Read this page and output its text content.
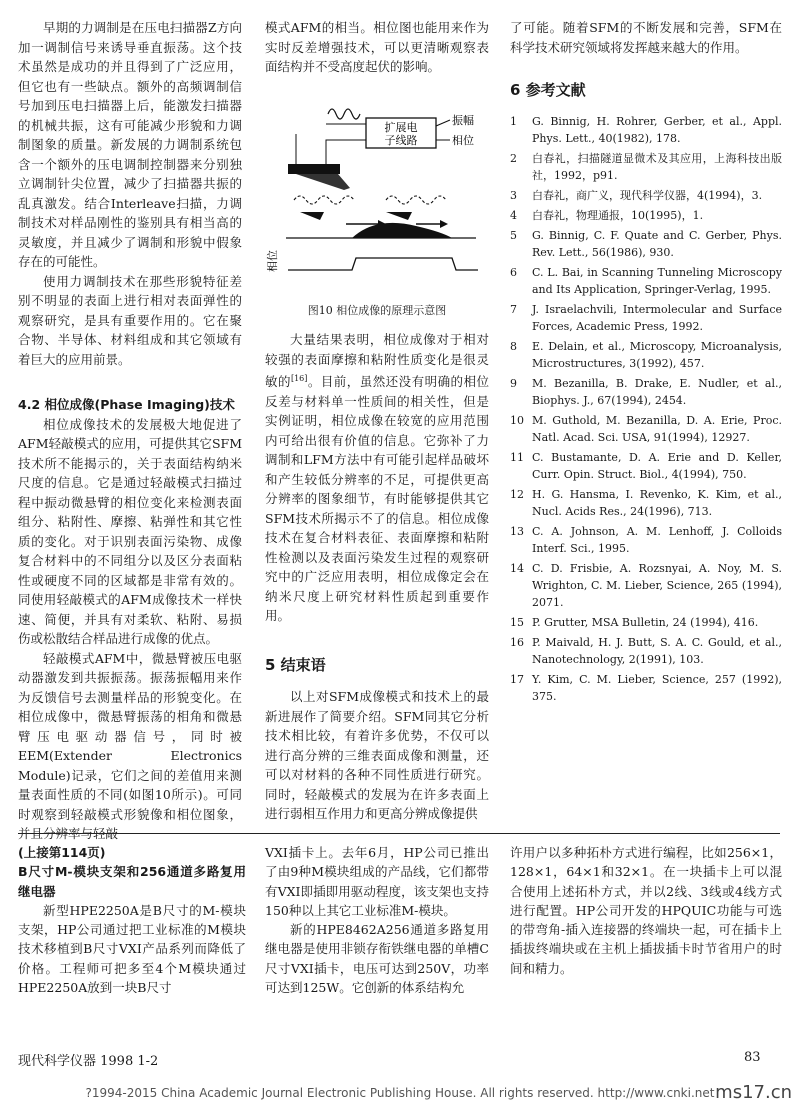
早期的力调制是在压电扫描器Z方向加一调制信号来诱导垂直振荡。这个技术虽然是成功的并且得到了广泛应用，但它也有一些缺点。额外的高频调制信号加到压电扫描器上后，能激发扫描器的机械共振，这有可能减少形貌和力调制图象的质量。新发展的力调制系统包含一个额外的压电调制控制器来分别独立调制针尖位置，减少了扫描器共振的乱真激发。结合Interleave扫描，力调制技术对样品刚性的鉴别具有相当高的灵敏度，并且减少了调制和形貌中假象存在的可能性。

使用力调制技术在那些形貌特征差别不明显的表面上进行相对表面弹性的观察研究，是具有重要作用的。它在聚合物、半导体、材料组成和其它领域有着巨大的应用前景。

4.2 相位成像(Phase Imaging)技术

相位成像技术的发展极大地促进了AFM轻敲模式的应用，可提供其它SFM技术所不能揭示的，关于表面结构纳米尺度的信息。它是通过轻敲模式扫描过程中振动微悬臂的相位变化来检测表面组分、粘附性、摩擦、粘弹性和其它性质的变化。对于识别表面污染物、成像复合材料中的不同组分以及区分表面粘性或硬度不同的区域都是非常有效的。同使用轻敲模式的AFM成像技术一样快速、简便，并具有对柔软、粘附、易损伤或松散结合样品进行成像的优点。

轻敲模式AFM中，微悬臂被压电驱动器激发到共振振荡。振荡振幅用来作为反馈信号去测量样品的形貌变化。在相位成像中，微悬臂振荡的相角和微悬臂压电驱动器信号，同时被EEM(Extender Electronics Module)记录，它们之间的差值用来测量表面性质的不同(如图10所示)。可同时观察到轻敲模式形貌像和相位图象，并且分辨率与轻敲

模式AFM的相当。相位图也能用来作为实时反差增强技术，可以更清晰观察表面结构并不受高度起伏的影响。

扩展电
子线路
振幅
相位
相位
图10 相位成像的原理示意图

大量结果表明，相位成像对于相对较强的表面摩擦和粘附性质变化是很灵敏的[16]。目前，虽然还没有明确的相位反差与材料单一性质间的相关性，但是实例证明，相位成像在较宽的应用范围内可给出很有价值的信息。它弥补了力调制和LFM方法中有可能引起样品破坏和产生较低分辨率的不足，可提供更高分辨率的图象细节，有时能够提供其它SFM技术所揭示不了的信息。相位成像技术在复合材料表征、表面摩擦和粘附性检测以及表面污染发生过程的观察研究中的广泛应用表明，相位成像定会在纳米尺度上研究材料性质起到重要作用。

5 结束语

以上对SFM成像模式和技术上的最新进展作了简要介绍。SFM同其它分析技术相比较，有着许多优势，不仅可以进行高分辨的三维表面成像和测量，还可以对材料的各种不同性质进行研究。同时，轻敲模式的发展为在许多表面上进行弱相互作用力和更高分辨成像提供

了可能。随着SFM的不断发展和完善，SFM在科学技术研究领域将发挥越来越大的作用。

6 参考文献
1	G. Binnig, H. Rohrer, Gerber, et al., Appl. Phys. Lett., 40(1982), 178.
2	白春礼，扫描隧道显微术及其应用，上海科技出版社，1992，p91.
3	白春礼，商广义，现代科学仪器，4(1994)，3.
4	白春礼，物理通报，10(1995)，1.
5	G. Binnig, C. F. Quate and C. Gerber, Phys. Rev. Lett., 56(1986), 930.
6	C. L. Bai, in Scanning Tunneling Microscopy and Its Application, Springer-Verlag, 1995.
7	J. Israelachvili, Intermolecular and Surface Forces, Academic Press, 1992.
8	E. Delain, et al., Microscopy, Microanalysis, Microstructures, 3(1992), 457.
9	M. Bezanilla, B. Drake, E. Nudler, et al., Biophys. J., 67(1994), 2454.
10 M. Guthold, M. Bezanilla, D. A. Erie, Proc. Natl. Acad. Sci. USA, 91(1994), 12927.
11 C. Bustamante, D. A. Erie and D. Keller, Curr. Opin. Struct. Biol., 4(1994), 750.
12 H. G. Hansma, I. Revenko, K. Kim, et al., Nucl. Acids Res., 24(1996), 713.
13 C. A. Johnson, A. M. Lenhoff, J. Colloids Interf. Sci., 1995.
14 C. D. Frisbie, A. Rozsnyai, A. Noy, M. S. Wrighton, C. M. Lieber, Science, 265 (1994), 2071.
15 P. Grutter, MSA Bulletin, 24 (1994), 416.
16 P. Maivald, H. J. Butt, S. A. C. Gould, et al., Nanotechnology, 2(1991), 103.
17 Y. Kim, C. M. Lieber, Science, 257 (1992), 375.
(上接第114页)
B尺寸M-模块支架和256通道多路复用继电器

新型HPE2250A是B尺寸的M-模块支架，HP公司通过把工业标准的M模块技术移植到B尺寸VXI产品系列而降低了价格。工程师可把多至4个M模块通过HPE2250A放到一块B尺寸

VXI插卡上。去年6月，HP公司已推出了由9种M模块组成的产品线，它们都带有VXI即插即用驱动程度，该支架也支持150种以上其它工业标准M-模块。

新的HPE8462A256通道多路复用继电器是使用非锁存衔铁继电器的单槽C尺寸VXI插卡，电压可达到250V，功率可达到125W。它创新的体系结构允

许用户以多种拓朴方式进行编程，比如256×1，128×1，64×1和32×1。在一块插卡上可以混合使用上述拓朴方式，并以2线、3线或4线方式进行配置。HP公司开发的HPQUIC功能与可选的带弯角-插入连接器的终端块一起，可在插卡上插拔终端块或在主机上插拔插卡时节省用户的时间和精力。

现代科学仪器 1998 1-2	83
?1994-2015 China Academic Journal Electronic Publishing House. All rights reserved. http://www.cnki.net ms17.cn
